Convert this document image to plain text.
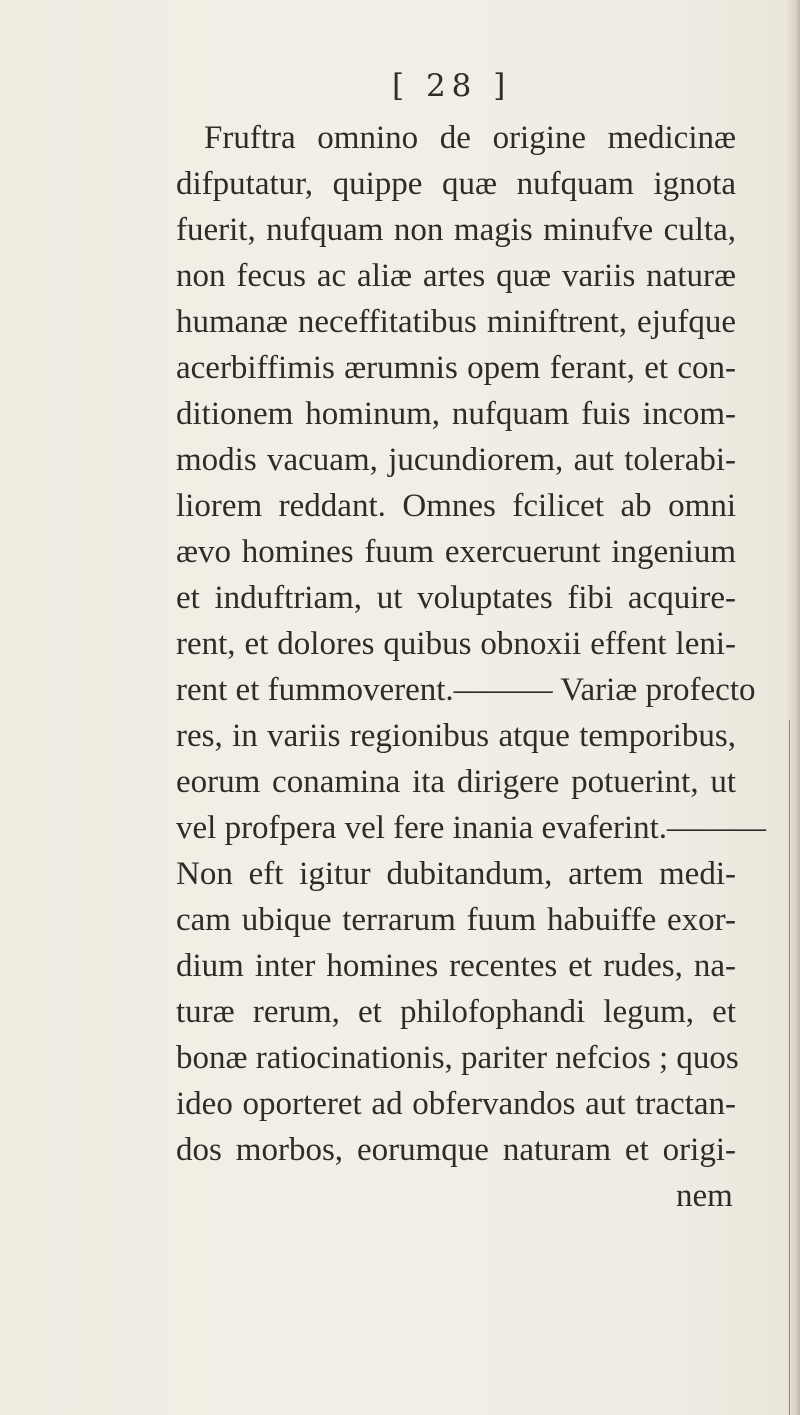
[ 28 ]
Fruftra omnino de origine medicinæ
difputatur, quippe quæ nufquam ignota
fuerit, nufquam non magis minufve culta,
non fecus ac aliæ artes quæ variis naturæ
humanæ neceffitatibus miniftrent, ejufque
acerbiffimis ærumnis opem ferant, et con-
ditionem hominum, nufquam fuis incom-
modis vacuam, jucundiorem, aut tolerabi-
liorem reddant. Omnes fcilicet ab omni
ævo homines fuum exercuerunt ingenium
et induftriam, ut voluptates fibi acquire-
rent, et dolores quibus obnoxii effent leni-
rent et fummoverent.——— Variæ profecto
res, in variis regionibus atque temporibus,
eorum conamina ita dirigere potuerint, ut
vel profpera vel fere inania evaferint.———
Non eft igitur dubitandum, artem medi-
cam ubique terrarum fuum habuiffe exor-
dium inter homines recentes et rudes, na-
turæ rerum, et philofophandi legum, et
bonæ ratiocinationis, pariter nefcios ; quos
ideo oporteret ad obfervandos aut tractan-
dos morbos, eorumque naturam et origi-
nem
